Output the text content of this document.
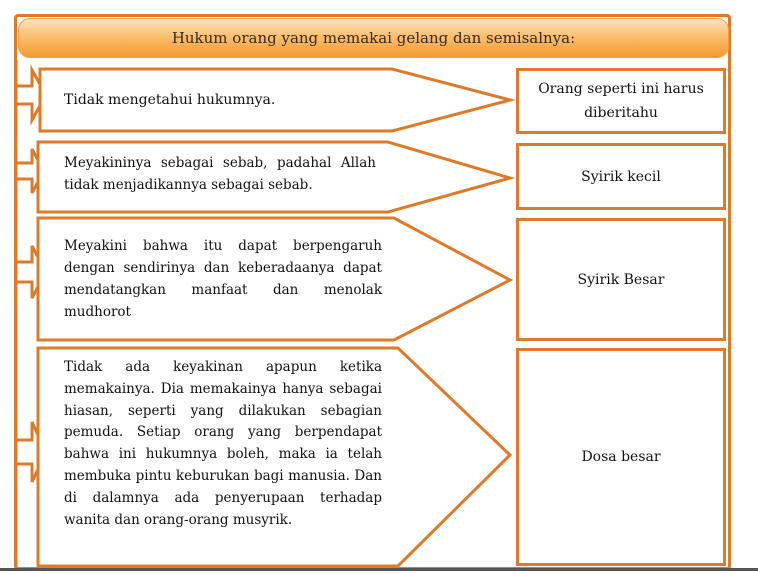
Hukum orang yang memakai gelang dan semisalnya:
Tidak mengetahui hukumnya.
Meyakininya sebagai sebab, padahal Allah tidak menjadikannya sebagai sebab.
Meyakini bahwa itu dapat berpengaruh dengan sendirinya dan keberadaanya dapat mendatangkan manfaat dan menolak mudhorot
Tidak ada keyakinan apapun ketika memakainya. Dia memakainya hanya sebagai hiasan, seperti yang dilakukan sebagian pemuda. Setiap orang yang berpendapat bahwa ini hukumnya boleh, maka ia telah membuka pintu keburukan bagi manusia. Dan di dalamnya ada penyerupaan terhadap wanita dan orang-orang musyrik.
Orang seperti ini harus diberitahu
Syirik kecil
Syirik Besar
Dosa besar
